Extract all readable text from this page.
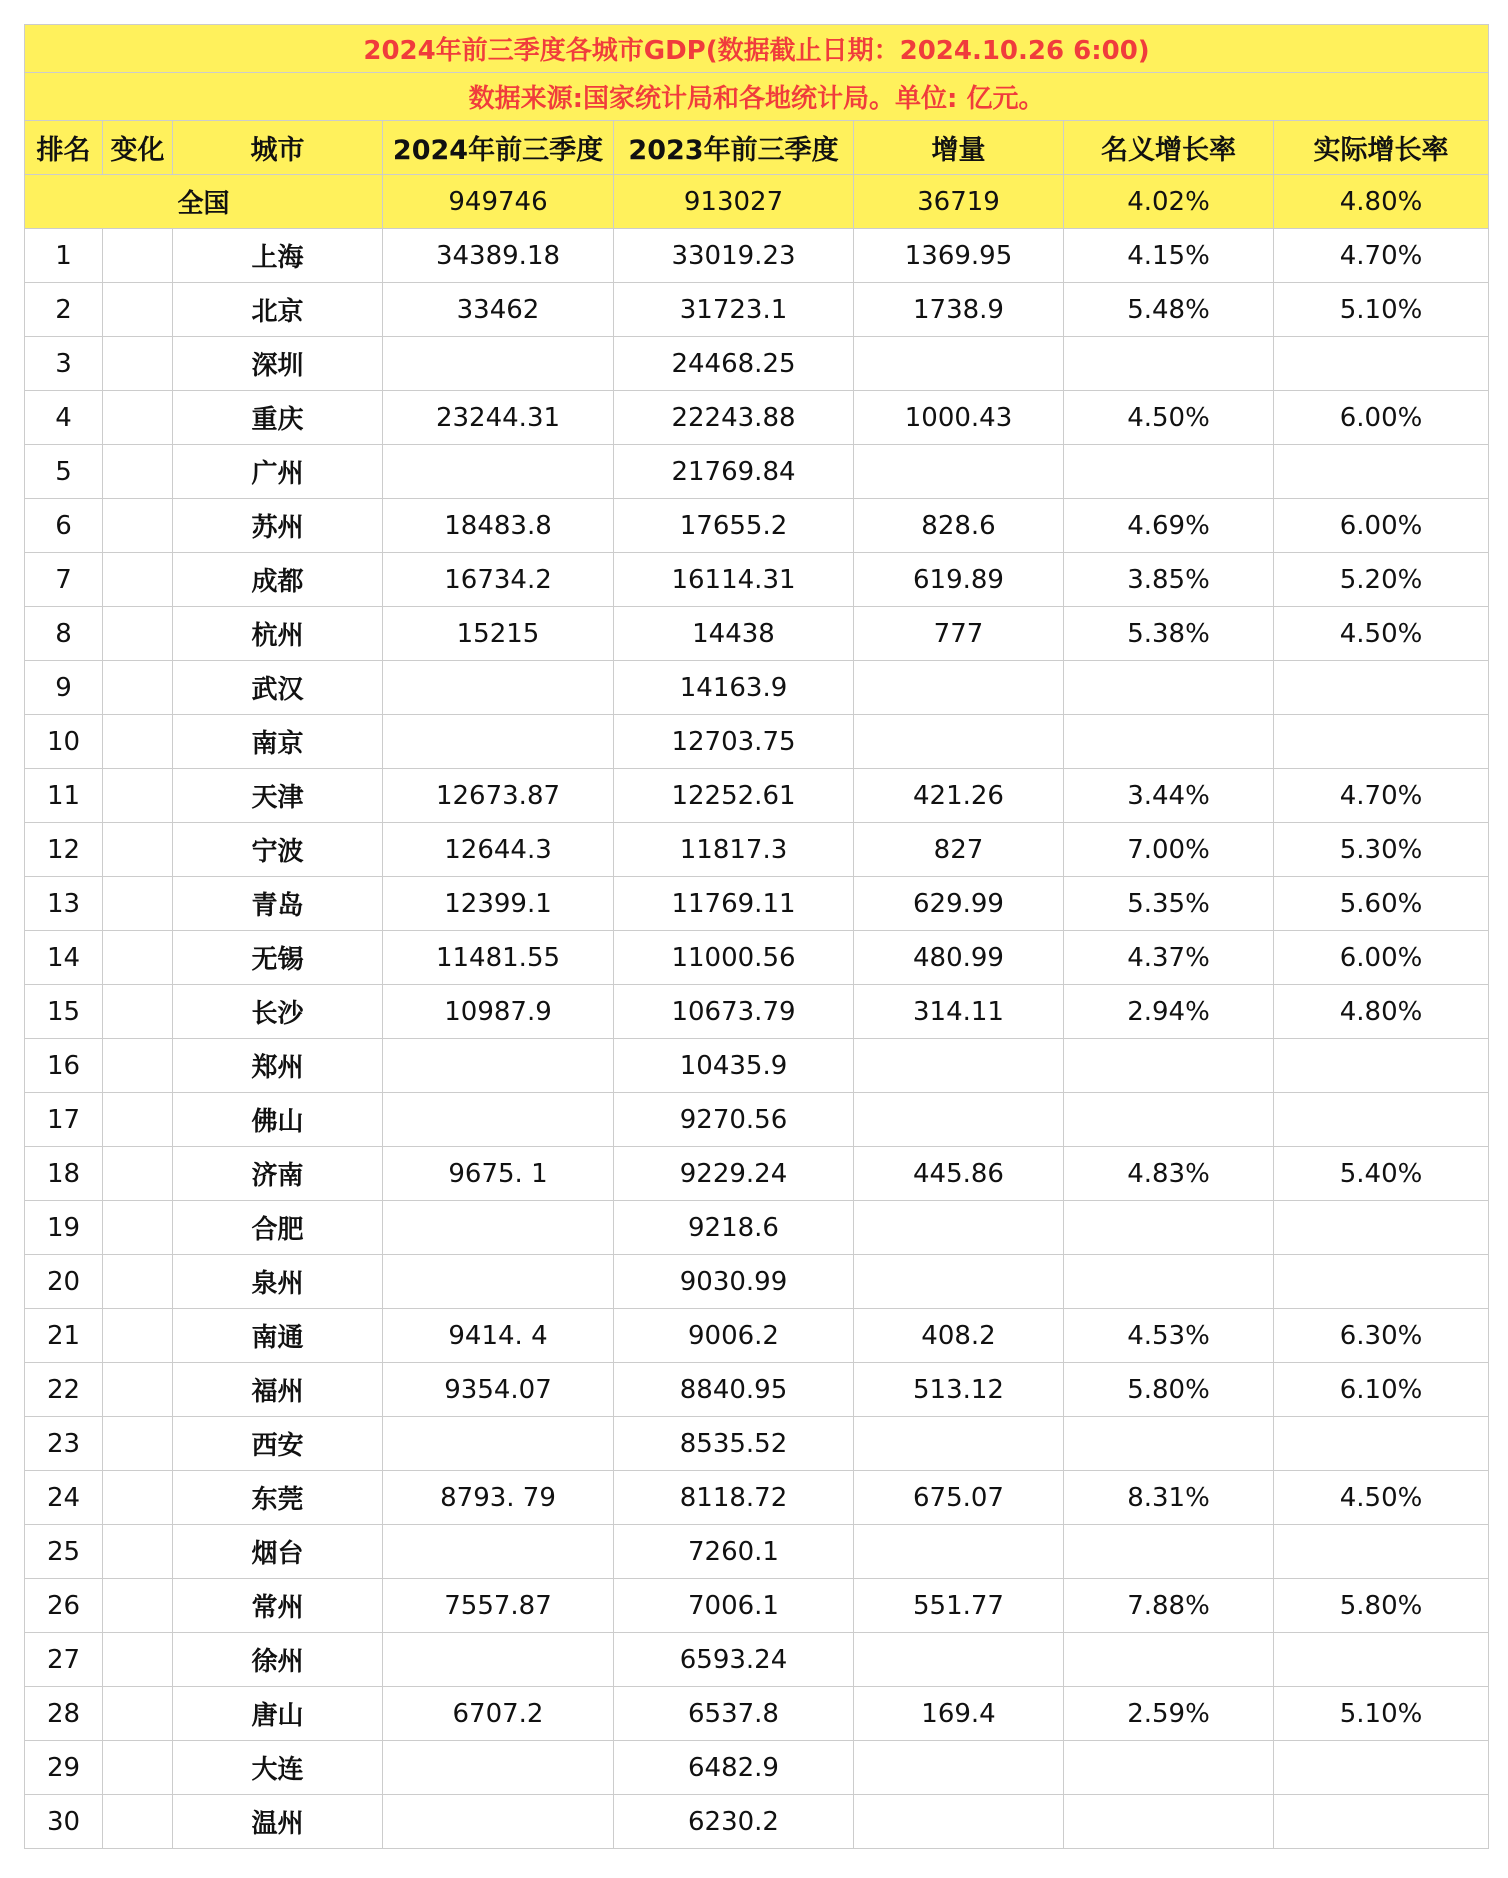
2024年前三季度各城市GDP(数据截止日期：2024.10.26 6:00)							
数据来源:国家统计局和各地统计局。单位: 亿元。							
排名	变化	城市	2024年前三季度	2023年前三季度	增量	名义增长率	实际增长率
全国			949746	913027	36719	4.02%	4.80%
1		上海	34389.18	33019.23	1369.95	4.15%	4.70%
2		北京	33462	31723.1	1738.9	5.48%	5.10%
3		深圳		24468.25			
4		重庆	23244.31	22243.88	1000.43	4.50%	6.00%
5		广州		21769.84			
6		苏州	18483.8	17655.2	828.6	4.69%	6.00%
7		成都	16734.2	16114.31	619.89	3.85%	5.20%
8		杭州	15215	14438	777	5.38%	4.50%
9		武汉		14163.9			
10		南京		12703.75			
11		天津	12673.87	12252.61	421.26	3.44%	4.70%
12		宁波	12644.3	11817.3	827	7.00%	5.30%
13		青岛	12399.1	11769.11	629.99	5.35%	5.60%
14		无锡	11481.55	11000.56	480.99	4.37%	6.00%
15		长沙	10987.9	10673.79	314.11	2.94%	4.80%
16		郑州		10435.9			
17		佛山		9270.56			
18		济南	9675. 1	9229.24	445.86	4.83%	5.40%
19		合肥		9218.6			
20		泉州		9030.99			
21		南通	9414. 4	9006.2	408.2	4.53%	6.30%
22		福州	9354.07	8840.95	513.12	5.80%	6.10%
23		西安		8535.52			
24		东莞	8793. 79	8118.72	675.07	8.31%	4.50%
25		烟台		7260.1			
26		常州	7557.87	7006.1	551.77	7.88%	5.80%
27		徐州		6593.24			
28		唐山	6707.2	6537.8	169.4	2.59%	5.10%
29		大连		6482.9			
30		温州		6230.2			
